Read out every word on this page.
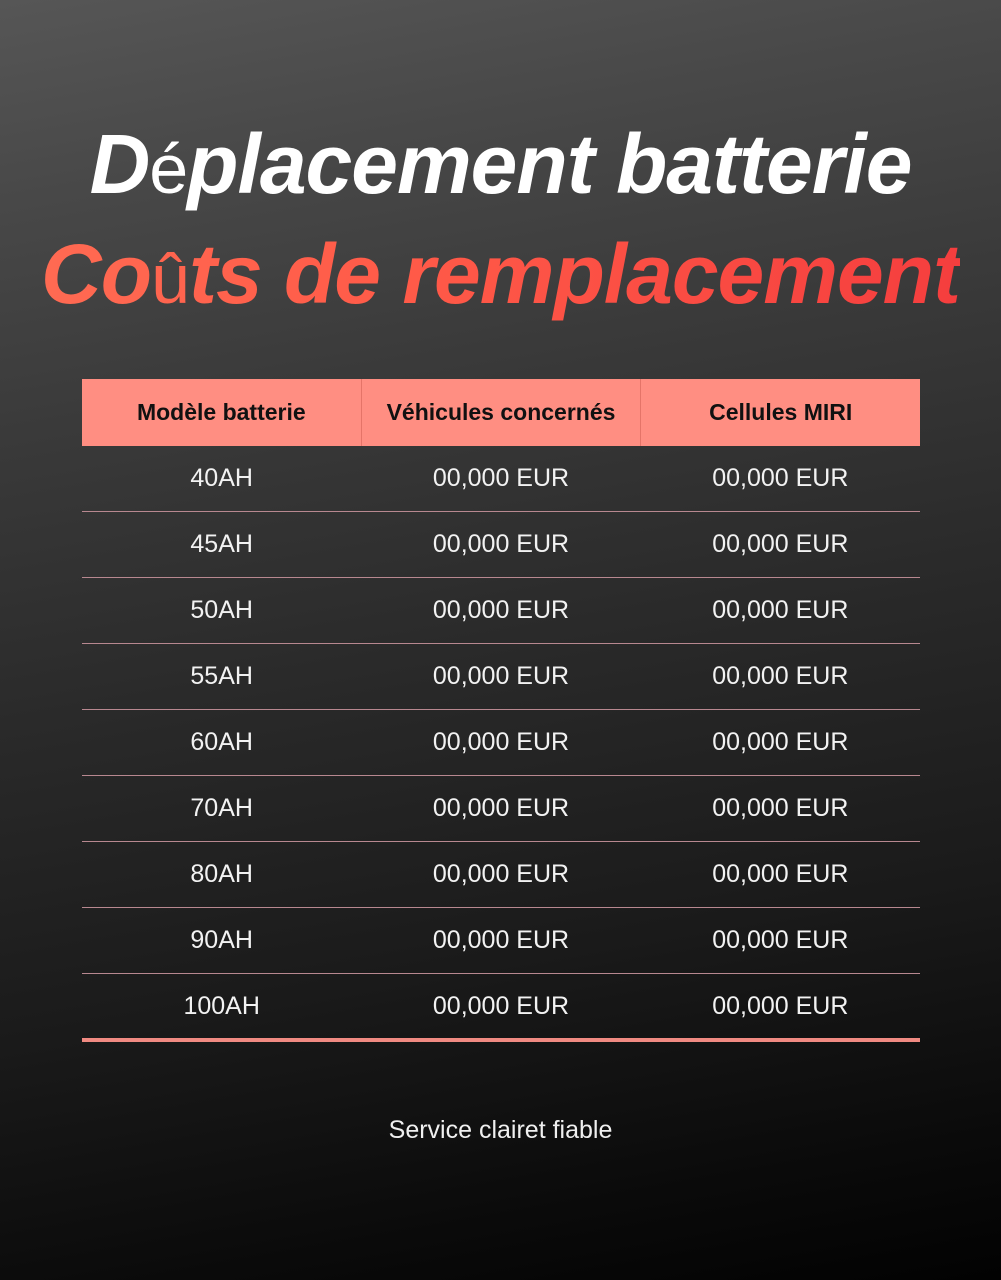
Déplacement batterie
Coûts de remplacement
Modèle batterie	Véhicules concernés	Cellules MIRI
40AH	00,000 EUR	00,000 EUR
45AH	00,000 EUR	00,000 EUR
50AH	00,000 EUR	00,000 EUR
55AH	00,000 EUR	00,000 EUR
60AH	00,000 EUR	00,000 EUR
70AH	00,000 EUR	00,000 EUR
80AH	00,000 EUR	00,000 EUR
90AH	00,000 EUR	00,000 EUR
100AH	00,000 EUR	00,000 EUR
Service clairet fiable
